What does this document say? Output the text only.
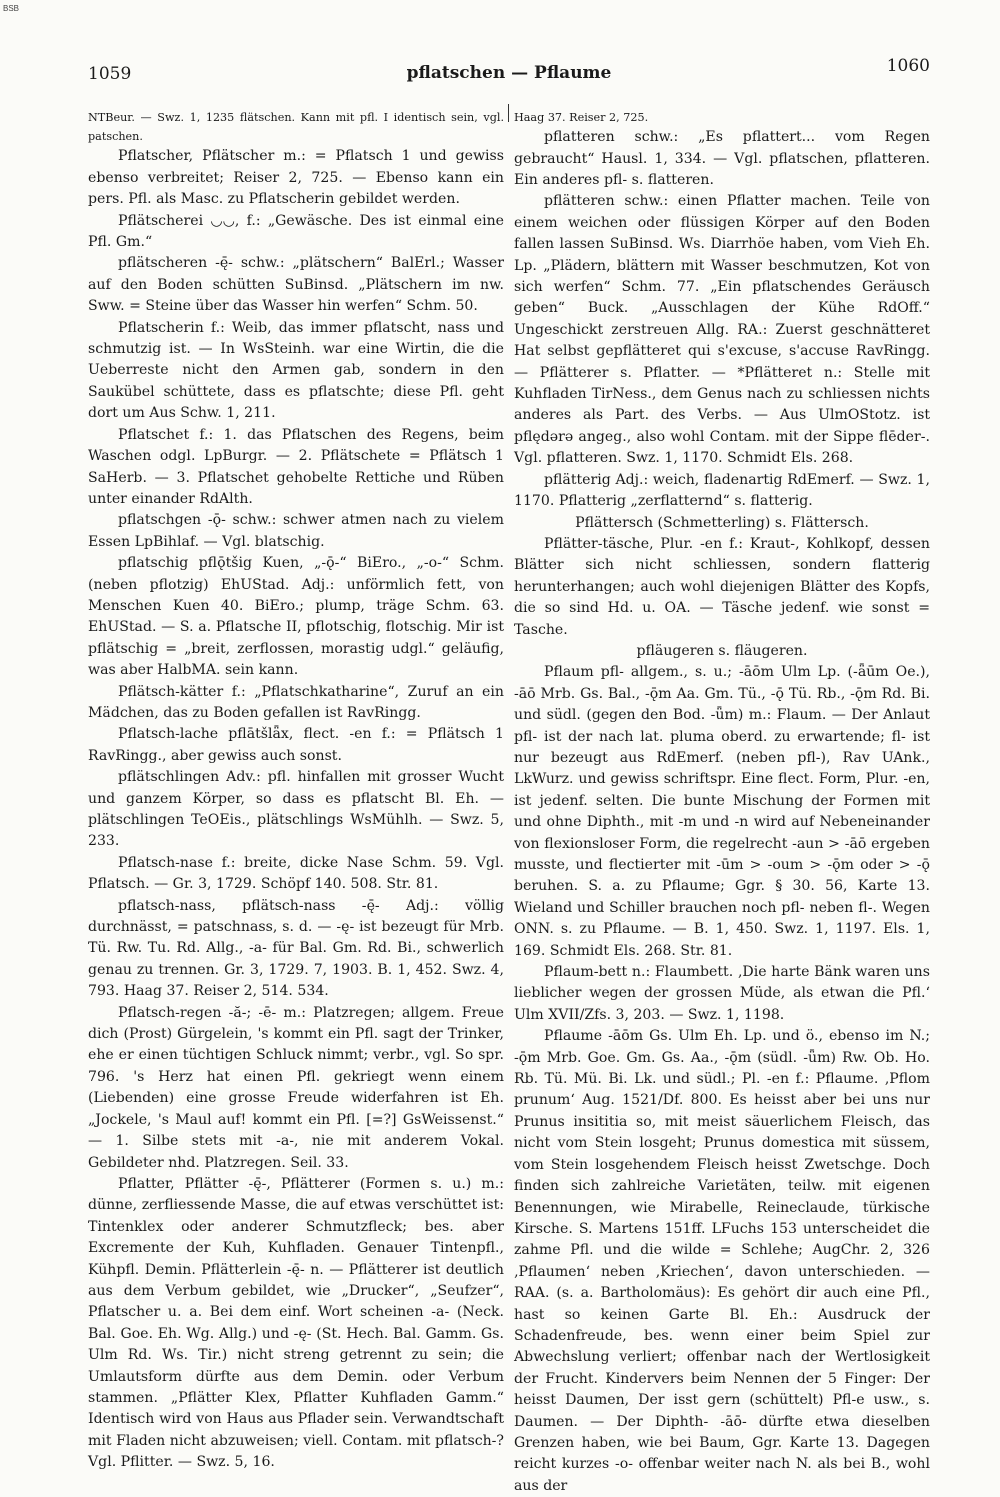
BSB
1059	pflatschen — Pflaume	1060

NTBeur. — Swz. 1, 1235 flätschen. Kann mit pfl. I identisch sein, vgl. patschen.

Pflatscher, Pflätscher m.: = Pflatsch 1 und gewiss ebenso verbreitet; Reiser 2, 725. — Ebenso kann ein pers. Pfl. als Masc. zu Pflatscherin gebildet werden.

Pflätscherei ◡◡, f.: „Gewäsche. Des ist einmal eine Pfl. Gm.“

pflätscheren -ę̄- schw.: „plätschern“ BalErl.; Wasser auf den Boden schütten SuBinsd. „Plätschern im nw. Sww. = Steine über das Wasser hin werfen“ Schm. 50.

Pflatscherin f.: Weib, das immer pflatscht, nass und schmutzig ist. — In WsSteinh. war eine Wirtin, die die Ueberreste nicht den Armen gab, sondern in den Saukübel schüttete, dass es pflatschte; diese Pfl. geht dort um Aus Schw. 1, 211.

Pflatschet f.: 1. das Pflatschen des Regens, beim Waschen odgl. LpBurgr. — 2. Pflätschete = Pflätsch 1 SaHerb. — 3. Pflatschet gehobelte Rettiche und Rüben unter einander RdAlth.

pflatschgen -ǭ- schw.: schwer atmen nach zu vielem Essen LpBihlaf. — Vgl. blatschig.

pflatschig pflǭtšig Kuen, „-ǭ-“ BiEro., „-o-“ Schm. (neben pflotzig) EhUStad. Adj.: unförmlich fett, von Menschen Kuen 40. BiEro.; plump, träge Schm. 63. EhUStad. — S. a. Pflatsche II, pflotschig, flotschig. Mir ist pflätschig = „breit, zerflossen, morastig udgl.“ geläufig, was aber HalbMA. sein kann.

Pflätsch-kätter f.: „Pflatschkatharine“, Zuruf an ein Mädchen, das zu Boden gefallen ist RavRingg.

Pflatsch-lache pflātšlǟx, flect. -en f.: = Pflätsch 1 RavRingg., aber gewiss auch sonst.

pflätschlingen Adv.: pfl. hinfallen mit grosser Wucht und ganzem Körper, so dass es pflatscht Bl. Eh. — plätschlingen TeOEis., plätschlings WsMühlh. — Swz. 5, 233.

Pflatsch-nase f.: breite, dicke Nase Schm. 59. Vgl. Pflatsch. — Gr. 3, 1729. Schöpf 140. 508. Str. 81.

pflatsch-nass, pflätsch-nass -ę̄- Adj.: völlig durchnässt, = patschnass, s. d. — -ę- ist bezeugt für Mrb. Tü. Rw. Tu. Rd. Allg., -a- für Bal. Gm. Rd. Bi., schwerlich genau zu trennen. Gr. 3, 1729. 7, 1903. B. 1, 452. Swz. 4, 793. Haag 37. Reiser 2, 514. 534.

Pflatsch-regen -ă-; -ē- m.: Platzregen; allgem. Freue dich (Prost) Gürgelein, 's kommt ein Pfl. sagt der Trinker, ehe er einen tüchtigen Schluck nimmt; verbr., vgl. So spr. 796. 's Herz hat einen Pfl. gekriegt wenn einem (Liebenden) eine grosse Freude widerfahren ist Eh. „Jockele, 's Maul auf! kommt ein Pfl. [=?] GsWeissenst.“ — 1. Silbe stets mit -a-, nie mit anderem Vokal. Gebildeter nhd. Platzregen. Seil. 33.

Pflatter, Pflätter -ę̄-, Pflätterer (Formen s. u.) m.: dünne, zerfliessende Masse, die auf etwas verschüttet ist: Tintenklex oder anderer Schmutzfleck; bes. aber Excremente der Kuh, Kuhfladen. Genauer Tintenpfl., Kühpfl. Demin. Pflätterlein -ę̄- n. — Pflätterer ist deutlich aus dem Verbum gebildet, wie „Drucker“, „Seufzer“, Pflatscher u. a. Bei dem einf. Wort scheinen -a- (Neck. Bal. Goe. Eh. Wg. Allg.) und -ę- (St. Hech. Bal. Gamm. Gs. Ulm Rd. Ws. Tir.) nicht streng getrennt zu sein; die Umlautsform dürfte aus dem Demin. oder Verbum stammen. „Pflätter Klex, Pflatter Kuhfladen Gamm.“ Identisch wird von Haus aus Pflader sein. Verwandtschaft mit Fladen nicht abzuweisen; viell. Contam. mit pflatsch-? Vgl. Pflitter. — Swz. 5, 16.

Haag 37. Reiser 2, 725.

pflatteren schw.: „Es pflattert... vom Regen gebraucht“ Hausl. 1, 334. — Vgl. pflatschen, pflatteren. Ein anderes pfl- s. flatteren.

pflätteren schw.: einen Pflatter machen. Teile von einem weichen oder flüssigen Körper auf den Boden fallen lassen SuBinsd. Ws. Diarrhöe haben, vom Vieh Eh. Lp. „Plädern, blättern mit Wasser beschmutzen, Kot von sich werfen“ Schm. 77. „Ein pflatschendes Geräusch geben“ Buck. „Ausschlagen der Kühe RdOff.“ Ungeschickt zerstreuen Allg. RA.: Zuerst geschnätteret Hat selbst gepflätteret qui s'excuse, s'accuse RavRingg. — Pflätterer s. Pflatter. — *Pflätteret n.: Stelle mit Kuhfladen TirNess., dem Genus nach zu schliessen nichts anderes als Part. des Verbs. — Aus UlmOStotz. ist pflędərə angeg., also wohl Contam. mit der Sippe flēder-. Vgl. pflatteren. Swz. 1, 1170. Schmidt Els. 268.

pflätterig Adj.: weich, fladenartig RdEmerf. — Swz. 1, 1170. Pflatterig „zerflatternd“ s. flatterig.

Pflättersch (Schmetterling) s. Flättersch.

Pflätter-täsche, Plur. -en f.: Kraut-, Kohlkopf, dessen Blätter sich nicht schliessen, sondern flatterig herunterhangen; auch wohl diejenigen Blätter des Kopfs, die so sind Hd. u. OA. — Täsche jedenf. wie sonst = Tasche.

pfläugeren s. fläugeren.

Pflaum pfl- allgem., s. u.; -āōm Ulm Lp. (-ǟūm Oe.), -āō Mrb. Gs. Bal., -ǭm Aa. Gm. Tü., -ǭ Tü. Rb., -ǭm Rd. Bi. und südl. (gegen den Bod. -ǖm) m.: Flaum. — Der Anlaut pfl- ist der nach lat. pluma oberd. zu erwartende; fl- ist nur bezeugt aus RdEmerf. (neben pfl-), Rav UAnk., LkWurz. und gewiss schriftspr. Eine flect. Form, Plur. -en, ist jedenf. selten. Die bunte Mischung der Formen mit und ohne Diphth., mit -m und -n wird auf Nebeneinander von flexionsloser Form, die regelrecht -aun > -āō ergeben musste, und flectierter mit -ūm > -oum > -ǭm oder > -ǭ beruhen. S. a. zu Pflaume; Ggr. § 30. 56, Karte 13. Wieland und Schiller brauchen noch pfl- neben fl-. Wegen ONN. s. zu Pflaume. — B. 1, 450. Swz. 1, 1197. Els. 1, 169. Schmidt Els. 268. Str. 81.

Pflaum-bett n.: Flaumbett. ‚Die harte Bänk waren uns lieblicher wegen der grossen Müde, als etwan die Pfl.‘ Ulm XVII/Zfs. 3, 203. — Swz. 1, 1198.

Pflaume -āōm Gs. Ulm Eh. Lp. und ö., ebenso im N.; -ǭm Mrb. Goe. Gm. Gs. Aa., -ǭm (südl. -ǖm) Rw. Ob. Ho. Rb. Tü. Mü. Bi. Lk. und südl.; Pl. -en f.: Pflaume. ‚Pflom prunum‘ Aug. 1521/Df. 800. Es heisst aber bei uns nur Prunus insititia so, mit meist säuerlichem Fleisch, das nicht vom Stein losgeht; Prunus domestica mit süssem, vom Stein losgehendem Fleisch heisst Zwetschge. Doch finden sich zahlreiche Varietäten, teilw. mit eigenen Benennungen, wie Mirabelle, Reineclaude, türkische Kirsche. S. Martens 151ff. LFuchs 153 unterscheidet die zahme Pfl. und die wilde = Schlehe; AugChr. 2, 326 ‚Pflaumen‘ neben ‚Kriechen‘, davon unterschieden. — RAA. (s. a. Bartholomäus): Es gehört dir auch eine Pfl., hast so keinen Garte Bl. Eh.: Ausdruck der Schadenfreude, bes. wenn einer beim Spiel zur Abwechslung verliert; offenbar nach der Wertlosigkeit der Frucht. Kindervers beim Nennen der 5 Finger: Der heisst Daumen, Der isst gern (schüttelt) Pfl-e usw., s. Daumen. — Der Diphth- -āō- dürfte etwa dieselben Grenzen haben, wie bei Baum, Ggr. Karte 13. Dagegen reicht kurzes -o- offenbar weiter nach N. als bei B., wohl aus der
